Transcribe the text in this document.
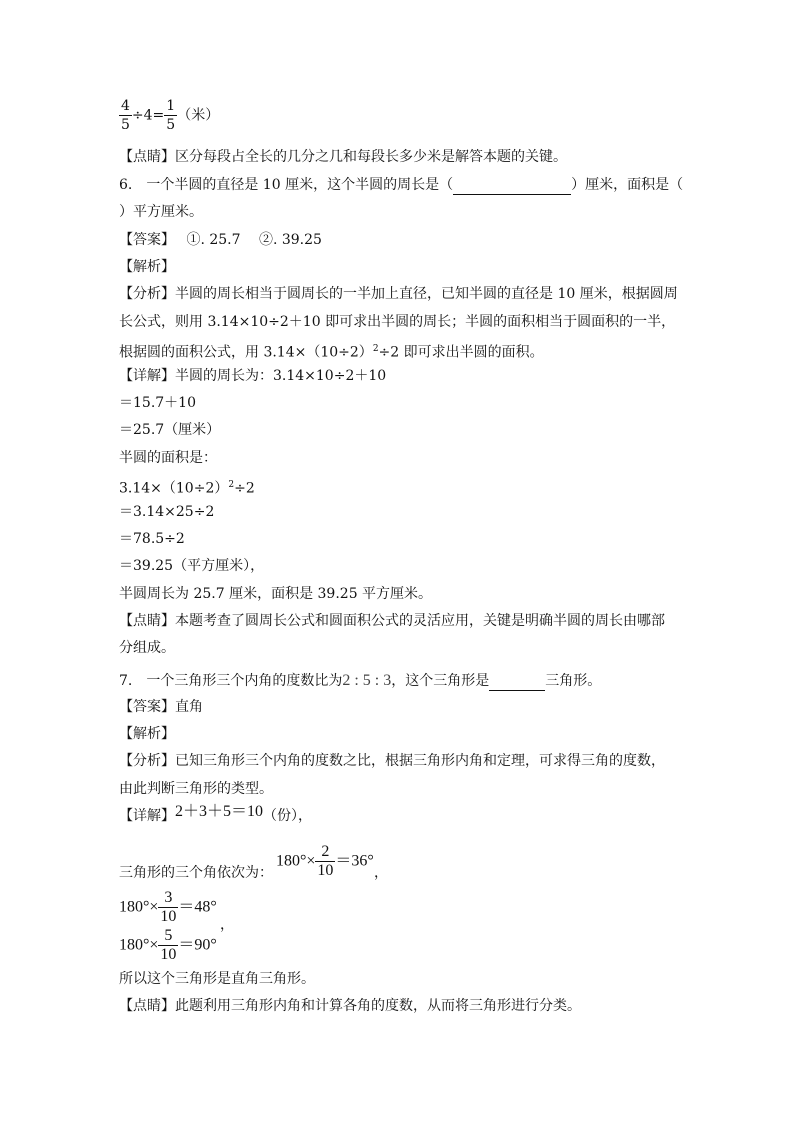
$\frac{4}{5} \div 4= \frac{1}{5}$ （米）
【点睛】区分每段占全长的几分之几和每段长多少米是解答本题的关键。
6.　一个半圆的直径是 10 厘米，这个半圆的周长是（	）厘米，面积是（
）平方厘米。
【答案】　 ①. 25.7　 ②. 39.25
【解析】
【分析】半圆的周长相当于圆周长的一半加上直径，已知半圆的直径是 10 厘米，根据圆周
长公式，则用 3.14×10÷2＋10 即可求出半圆的周长；半圆的面积相当于圆面积的一半，
根据圆的面积公式，用 $3.14\times(10\div 2)^2\div 2$ 即可求出半圆的面积。
【详解】半圆的周长为：3.14×10÷2＋10
＝15.7＋10
＝25.7（厘米）
半圆的面积是：
$3.14\times(10\div 2)^2\div 2$
＝3.14×25÷2
＝78.5÷2
＝39.25（平方厘米），
半圆周长为 25.7 厘米，面积是 39.25 平方厘米。
【点睛】本题考查了圆周长公式和圆面积公式的灵活应用，关键是明确半圆的周长由哪部
分组成。
7.　一个三角形三个内角的度数比为2 : 5 : 3，这个三角形是	三角形。
【答案】直角
【解析】
【分析】已知三角形三个内角的度数之比，根据三角形内角和定理，可求得三角的度数，
由此判断三角形的类型。
【详解】2＋3＋5＝10（份），
三角形的三个角依次为：
$180^\circ\times \frac{2}{10} =36^\circ$
，
$180^\circ\times \frac{3}{10} =48^\circ$
，
$180^\circ\times \frac{5}{10} =90^\circ$
所以这个三角形是直角三角形。
【点睛】此题利用三角形内角和计算各角的度数，从而将三角形进行分类。
